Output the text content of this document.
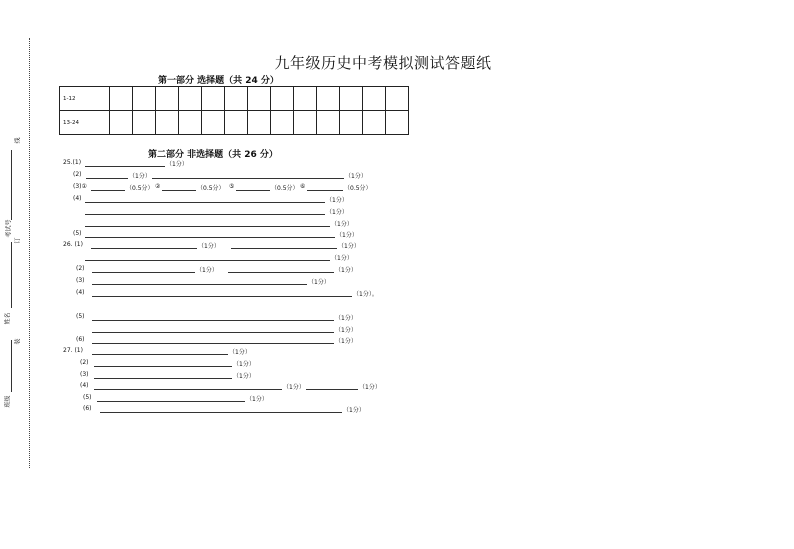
线
订
装
考试号
姓名
班级
九年级历史中考模拟测试答题纸
第一部分 选择题（共 24 分）
1-12													
13-24													
第二部分 非选择题（共 26 分）
25.(1)	（1分）
(2)	（1分）	（1分）
(3)①	（0.5分） ②	（0.5分） ⑤	（0.5分） ⑥	（0.5分）
(4)	（1分）
（1分）
（1分）
(5)	（1分）
26. (1)	（1分）	（1分）
（1分）
(2)	（1分）	（1分）
(3)	（1分）
(4)	（1分）。
(5)	（1分）
（1分）
(6)	（1分）
27. (1)	（1分）
(2)	（1分）
(3)	（1分）
(4)	（1分）	（1分）
(5)	（1分）
(6)	（1分）
